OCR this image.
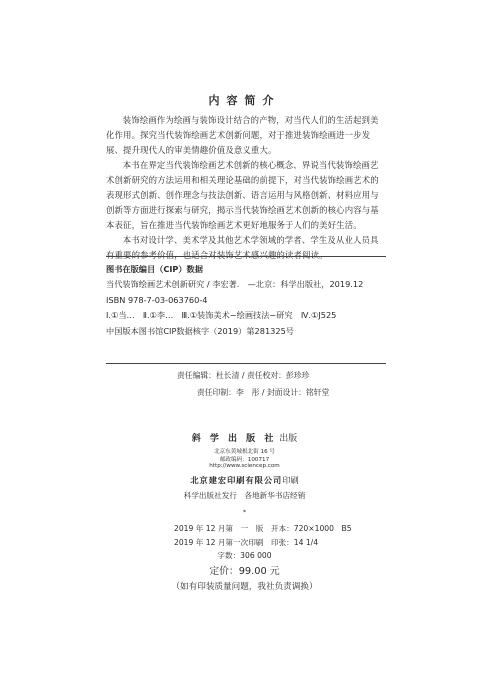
内容简介

装饰绘画作为绘画与装饰设计结合的产物，对当代人们的生活起到美化作用。探究当代装饰绘画艺术创新问题，对于推进装饰绘画进一步发展、提升现代人的审美情趣价值及意义重大。

本书在界定当代装饰绘画艺术创新的核心概念、界说当代装饰绘画艺术创新研究的方法运用和相关理论基础的前提下，对当代装饰绘画艺术的表现形式创新、创作理念与技法创新、语言运用与风格创新、材料应用与创新等方面进行探索与研究，揭示当代装饰绘画艺术创新的核心内容与基本表征，旨在推进当代装饰绘画艺术更好地服务于人们的美好生活。

本书对设计学、美术学及其他艺术学领域的学者、学生及从业人员具有重要的参考价值，也适合对装饰艺术感兴趣的读者阅读。

图书在版编目（CIP）数据
当代装饰绘画艺术创新研究 / 李宏著.　—北京：科学出版社，2019.12
ISBN 978-7-03-063760-4
Ⅰ.①当…　Ⅱ.①李…　Ⅲ.①装饰美术−绘画技法−研究　Ⅳ.①J525
中国版本图书馆CIP数据核字（2019）第281325号
责任编辑：杜长清 / 责任校对：彭珍珍
责任印制：李　彤 / 封面设计：铭轩堂
斜 学 出 版 社 出版
北京东黄城根北街 16 号
邮政编码：100717
http://www.sciencep.com
北京建宏印刷有限公司印刷
科学出版社发行　各地新华书店经销
*
2019 年 12 月第　一　版　开本：720×1000　B5
2019 年 12 月第一次印刷　印张：14 1/4
字数：306 000
定价：99.00 元
（如有印装质量问题，我社负责调换）
